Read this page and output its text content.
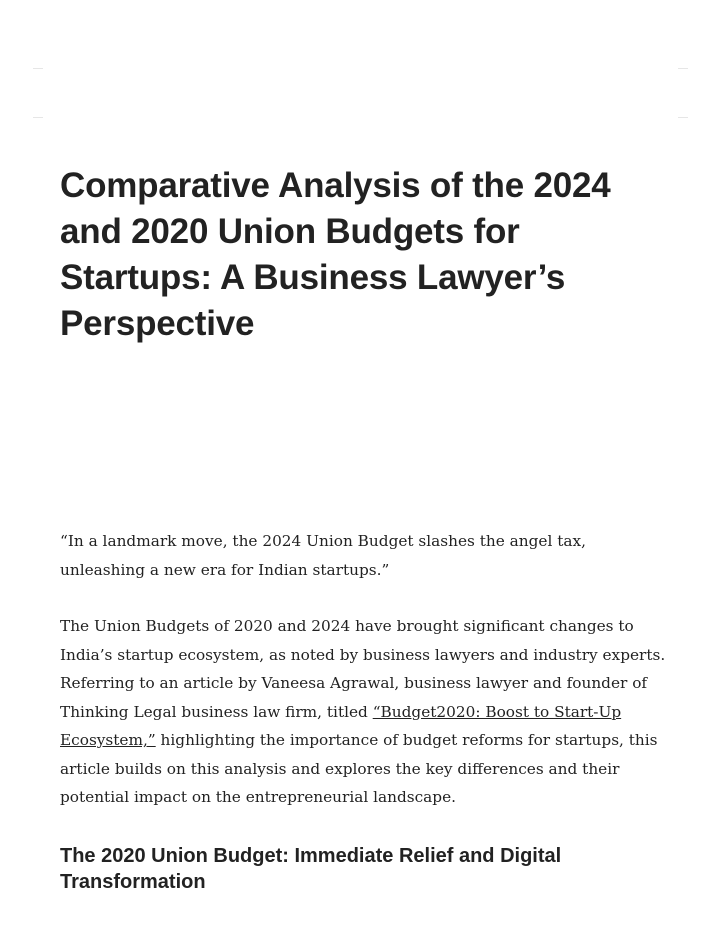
Comparative Analysis of the 2024 and 2020 Union Budgets for Startups: A Business Lawyer’s Perspective

“In a landmark move, the 2024 Union Budget slashes the angel tax, unleashing a new era for Indian startups.”

The Union Budgets of 2020 and 2024 have brought significant changes to India’s startup ecosystem, as noted by business lawyers and industry experts. Referring to an article by Vaneesa Agrawal, business lawyer and founder of Thinking Legal business law firm, titled “Budget2020: Boost to Start-Up Ecosystem,” highlighting the importance of budget reforms for startups, this article builds on this analysis and explores the key differences and their potential impact on the entrepreneurial landscape.

The 2020 Union Budget: Immediate Relief and Digital Transformation
